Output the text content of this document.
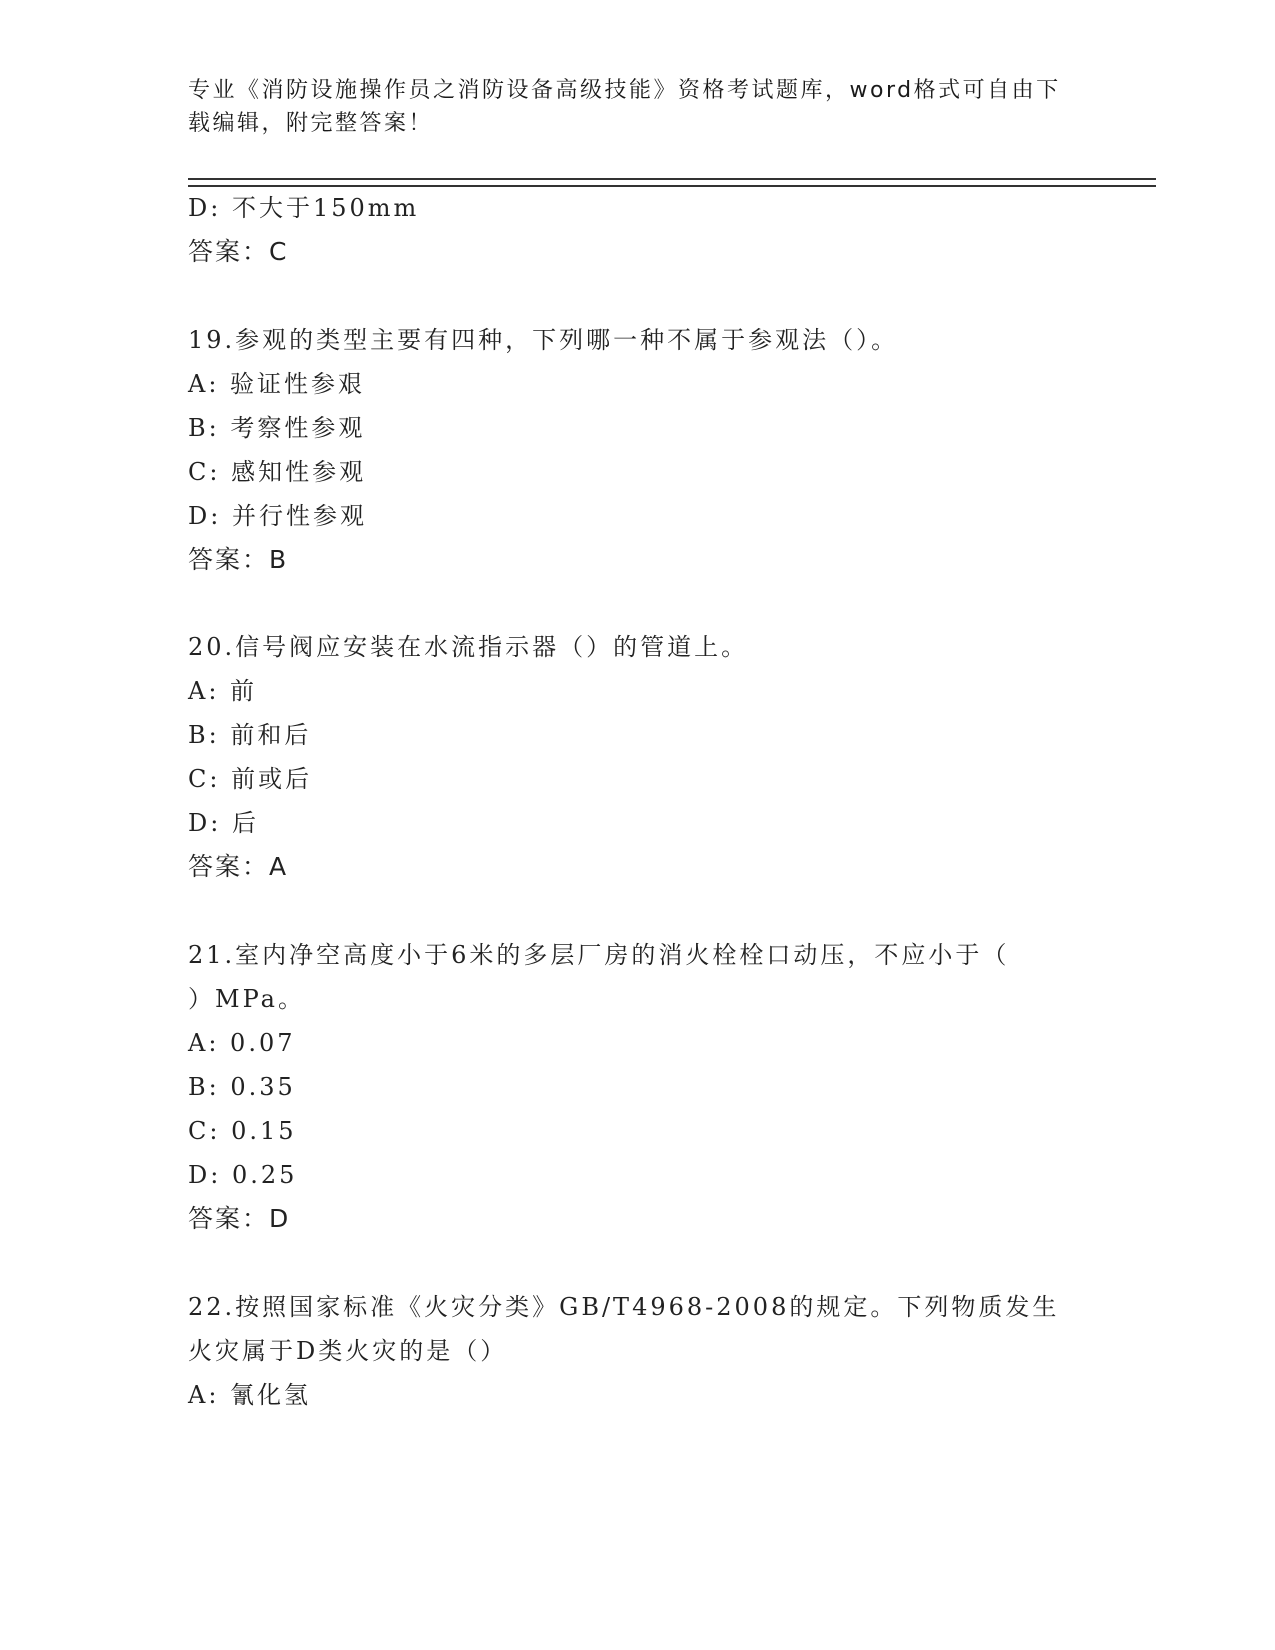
专业《消防设施操作员之消防设备高级技能》资格考试题库，word格式可自由下
载编辑，附完整答案！
D: 不大于150mm
答案：C
19.参观的类型主要有四种，下列哪一种不属于参观法（）。
A: 验证性参艰
B: 考察性参观
C: 感知性参观
D: 并行性参观
答案：B
20.信号阀应安装在水流指示器（）的管道上。
A: 前
B: 前和后
C: 前或后
D: 后
答案：A
21.室内净空高度小于6米的多层厂房的消火栓栓口动压，不应小于（
）MPa。
A: 0.07
B: 0.35
C: 0.15
D: 0.25
答案：D
22.按照国家标准《火灾分类》GB/T4968-2008的规定。下列物质发生
火灾属于D类火灾的是（）
A: 氰化氢
